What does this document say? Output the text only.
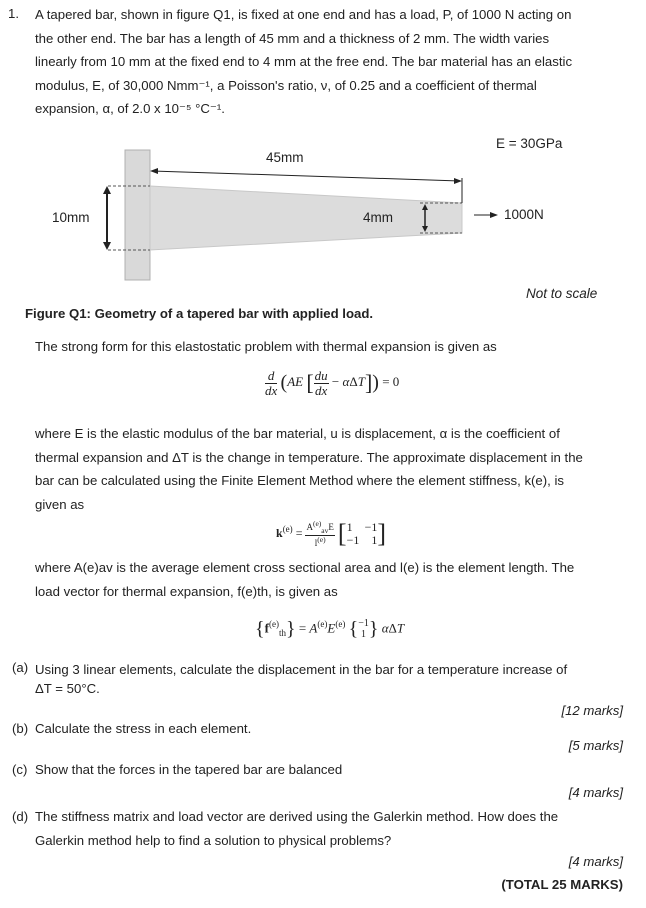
1. A tapered bar, shown in figure Q1, is fixed at one end and has a load, P, of 1000 N acting on
the other end. The bar has a length of 45 mm and a thickness of 2 mm. The width varies
linearly from 10 mm at the fixed end to 4 mm at the free end. The bar material has an elastic
modulus, E, of 30,000 Nmm⁻¹, a Poisson's ratio, ν, of 0.25 and a coefficient of thermal
expansion, α, of 2.0 x 10⁻⁵ °C⁻¹.
E = 30GPa
45mm
10mm	4mm	1000N
Not to scale
Figure Q1: Geometry of a tapered bar with applied load.
The strong form for this elastostatic problem with thermal expansion is given as
$\frac{d}{dx} (AE$ [ $\frac{du}{dx} - \alpha\Delta T]) = 0$
where E is the elastic modulus of the bar material, u is displacement, α is the coefficient of
thermal expansion and ΔT is the change in temperature. The approximate displacement in the
bar can be calculated using the Finite Element Method where the element stiffness, k(e), is
given as
$k^{(e)} = \frac{A^{(e)}_{av}E}{l^{(e)}}$ [ 1    −1
−1    1 ]
where A(e)av is the average element cross sectional area and l(e) is the element length. The
load vector for thermal expansion, f(e)th, is given as
$\{f^{(e)}_{th}\} = A^{(e)}E^{(e)}$ { −1
1 } αΔT
(a) Using 3 linear elements, calculate the displacement in the bar for a temperature increase of
ΔT = 50°C.
[12 marks]
(b) Calculate the stress in each element.
[5 marks]
(c) Show that the forces in the tapered bar are balanced
[4 marks]
(d) The stiffness matrix and load vector are derived using the Galerkin method. How does the
Galerkin method help to find a solution to physical problems?
[4 marks]
(TOTAL 25 MARKS)
